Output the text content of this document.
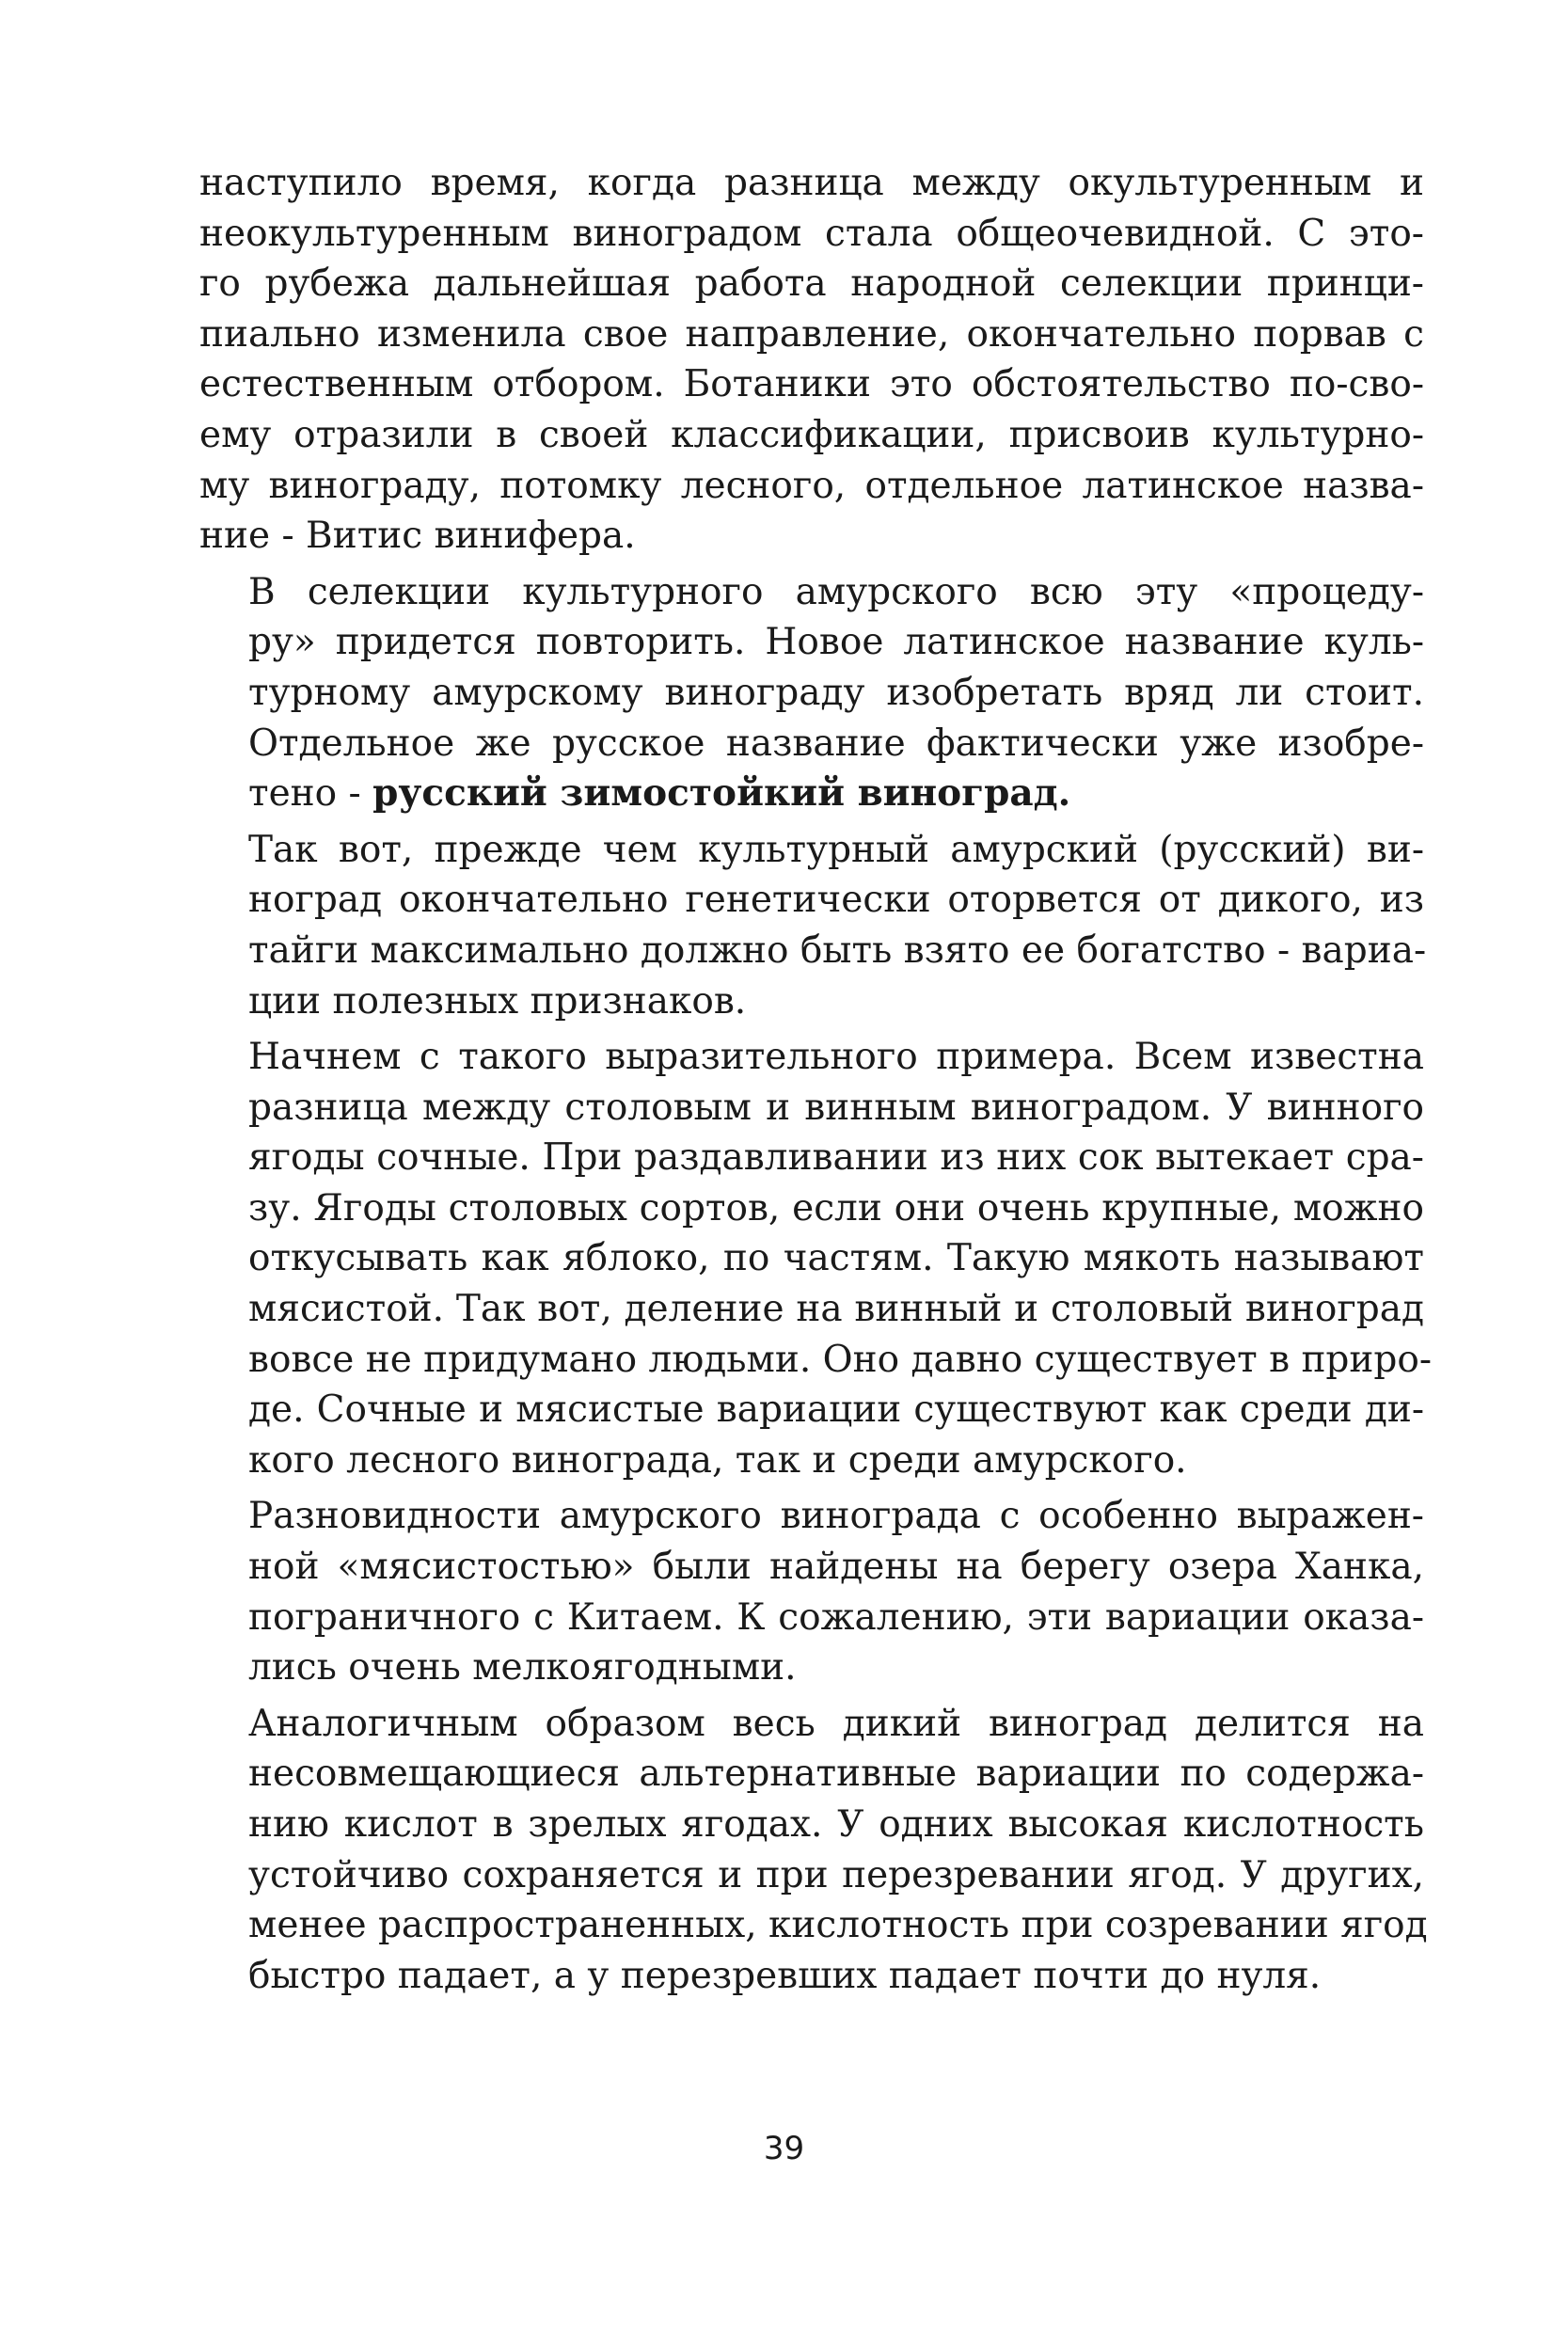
наступило время, когда разница между окультуренным и
неокультуренным виноградом стала общеочевидной. С это-
го рубежа дальнейшая работа народной селекции принци-
пиально изменила свое направление, окончательно порвав с
естественным отбором. Ботаники это обстоятельство по-сво-
ему отразили в своей классификации, присвоив культурно-
му винограду, потомку лесного, отдельное латинское назва-
ние - Витис винифера.
В селекции культурного амурского всю эту «процеду-
ру» придется повторить. Новое латинское название куль-
турному амурскому винограду изобретать вряд ли стоит.
Отдельное же русское название фактически уже изобре-
тено - русский зимостойкий виноград.
Так вот, прежде чем культурный амурский (русский) ви-
ноград окончательно генетически оторвется от дикого, из
тайги максимально должно быть взято ее богатство - вариа-
ции полезных признаков.
Начнем с такого выразительного примера. Всем известна
разница между столовым и винным виноградом. У винного
ягоды сочные. При раздавливании из них сок вытекает сра-
зу. Ягоды столовых сортов, если они очень крупные, можно
откусывать как яблоко, по частям. Такую мякоть называют
мясистой. Так вот, деление на винный и столовый виноград
вовсе не придумано людьми. Оно давно существует в приро-
де. Сочные и мясистые вариации существуют как среди ди-
кого лесного винограда, так и среди амурского.
Разновидности амурского винограда с особенно выражен-
ной «мясистостью» были найдены на берегу озера Ханка,
пограничного с Китаем. К сожалению, эти вариации оказа-
лись очень мелкоягодными.
Аналогичным образом весь дикий виноград делится на
несовмещающиеся альтернативные вариации по содержа-
нию кислот в зрелых ягодах. У одних высокая кислотность
устойчиво сохраняется и при перезревании ягод. У других,
менее распространенных, кислотность при созревании ягод
быстро падает, а у перезревших падает почти до нуля.
39
